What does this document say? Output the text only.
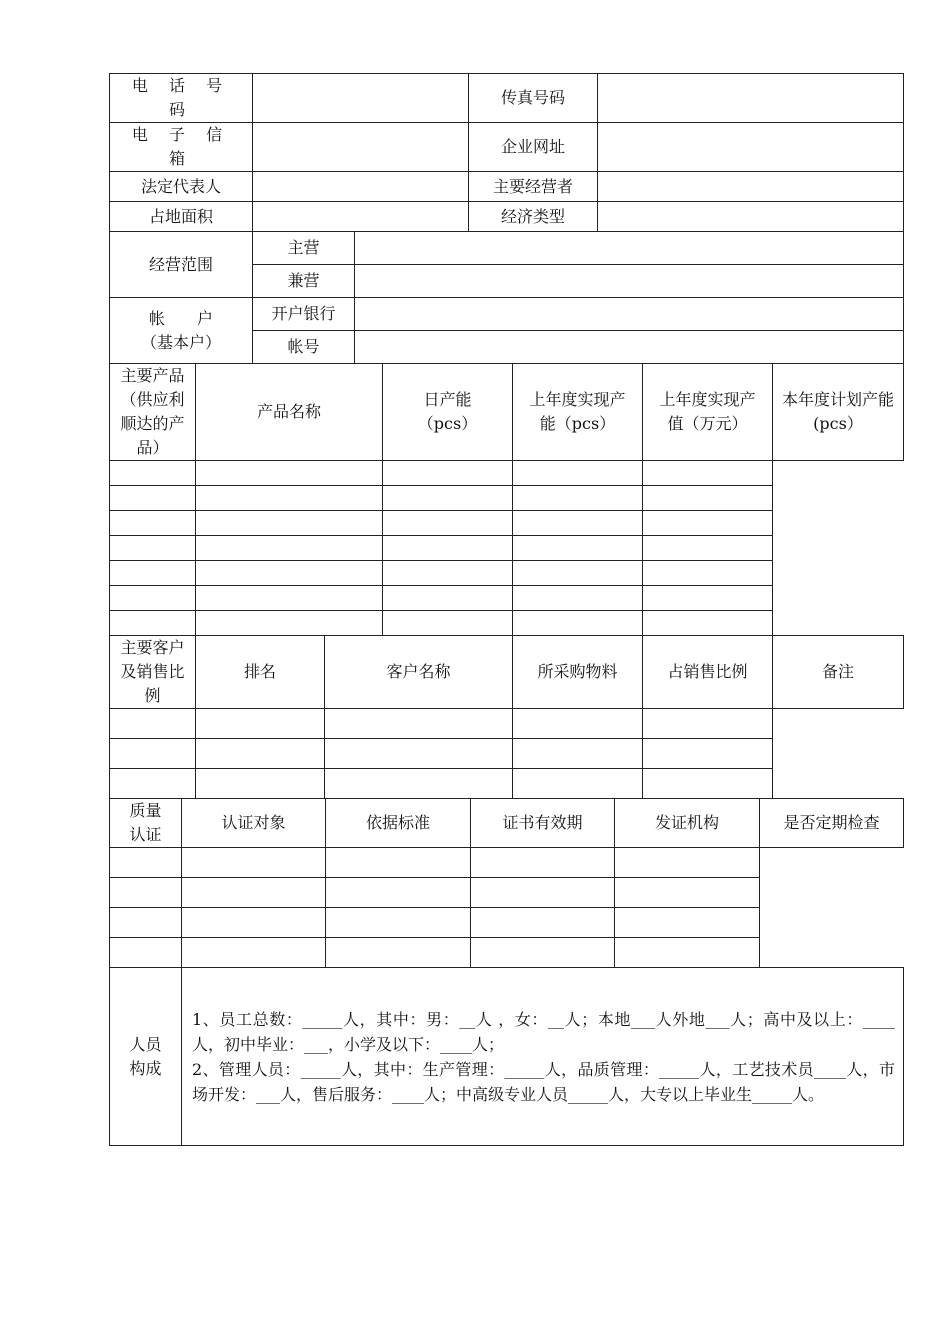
电 话 号 码		传真号码	
电 子 信 箱		企业网址	
法定代表人		主要经营者	
占地面积		经济类型	
经营范围	主营	
	兼营	
帐　　户
（基本户）	开户银行	
	帐号	
主要产品（供应利顺达的产品）	产品名称	日产能（pcs）	上年度实现产能（pcs）	上年度实现产值（万元）	本年度计划产能(pcs）

主要客户及销售比例	排名	客户名称	所采购物料	占销售比例	备注

质量认证	认证对象	依据标准	证书有效期	发证机构	是否定期检查

人员构成	
1、员工总数：_____人，其中：男：__人 ，女：__人；本地___人外地___人；高中及以上：____人，初中毕业：___，小学及以下：____人；
2、管理人员：_____人，其中：生产管理：_____人，品质管理：_____人，工艺技术员____人，市场开发：___人，售后服务：____人；中高级专业人员_____人，大专以上毕业生_____人。
